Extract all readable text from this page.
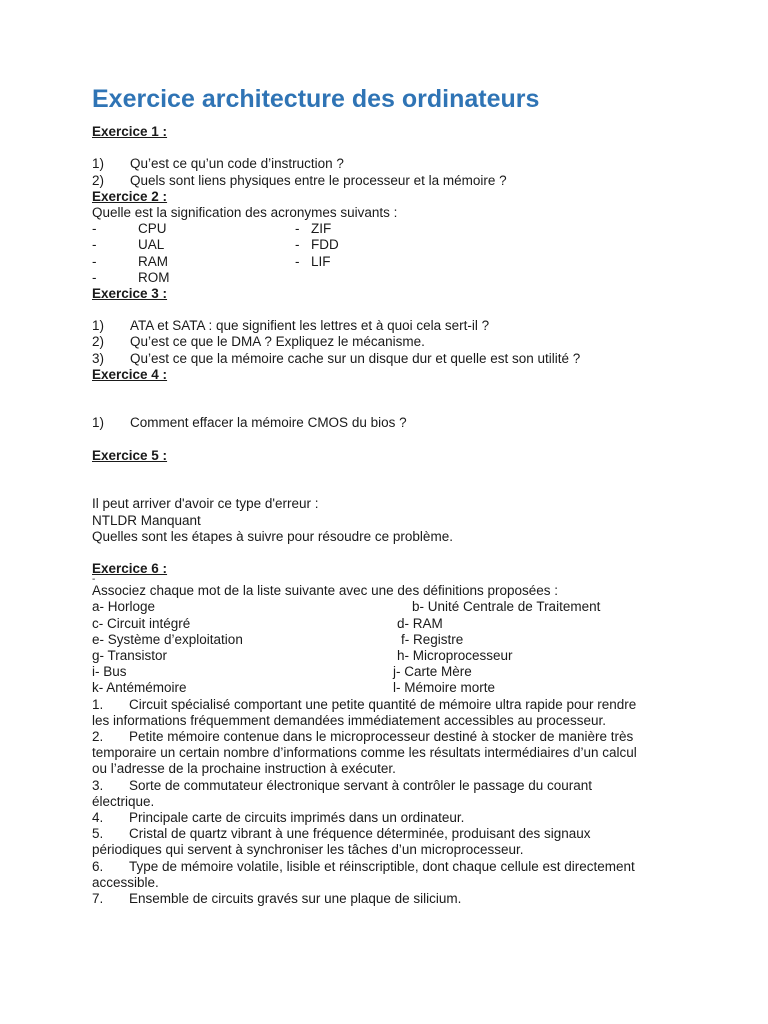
Exercice architecture des ordinateurs
Exercice 1 :
1) Qu’est ce qu’un code d’instruction ?
2) Quels sont liens physiques entre le processeur et la mémoire ?
Exercice 2 :
Quelle est la signification des acronymes suivants :
-	CPU	- ZIF
-	UAL	- FDD
-	RAM	- LIF
-	ROM
Exercice 3 :
1) ATA et SATA : que signifient les lettres et à quoi cela sert-il ?
2) Qu’est ce que le DMA ? Expliquez le mécanisme.
3) Qu’est ce que la mémoire cache sur un disque dur et quelle est son utilité ?
Exercice 4 :
1) Comment effacer la mémoire CMOS du bios ?
Exercice 5 :
Il peut arriver d'avoir ce type d'erreur :
NTLDR Manquant
Quelles sont les étapes à suivre pour résoudre ce problème.
Exercice 6 :
-
Associez chaque mot de la liste suivante avec une des définitions proposées :
a- Horloge	b- Unité Centrale de Traitement
c- Circuit intégré	d- RAM
e- Système d’exploitation	f- Registre
g- Transistor	h- Microprocesseur
i- Bus	j- Carte Mère
k- Antémémoire	l- Mémoire morte
1. Circuit spécialisé comportant une petite quantité de mémoire ultra rapide pour rendre les informations fréquemment demandées immédiatement accessibles au processeur.
2. Petite mémoire contenue dans le microprocesseur destiné à stocker de manière très temporaire un certain nombre d’informations comme les résultats intermédiaires d’un calcul ou l’adresse de la prochaine instruction à exécuter.
3. Sorte de commutateur électronique servant à contrôler le passage du courant électrique.
4. Principale carte de circuits imprimés dans un ordinateur.
5. Cristal de quartz vibrant à une fréquence déterminée, produisant des signaux périodiques qui servent à synchroniser les tâches d’un microprocesseur.
6. Type de mémoire volatile, lisible et réinscriptible, dont chaque cellule est directement accessible.
7. Ensemble de circuits gravés sur une plaque de silicium.
